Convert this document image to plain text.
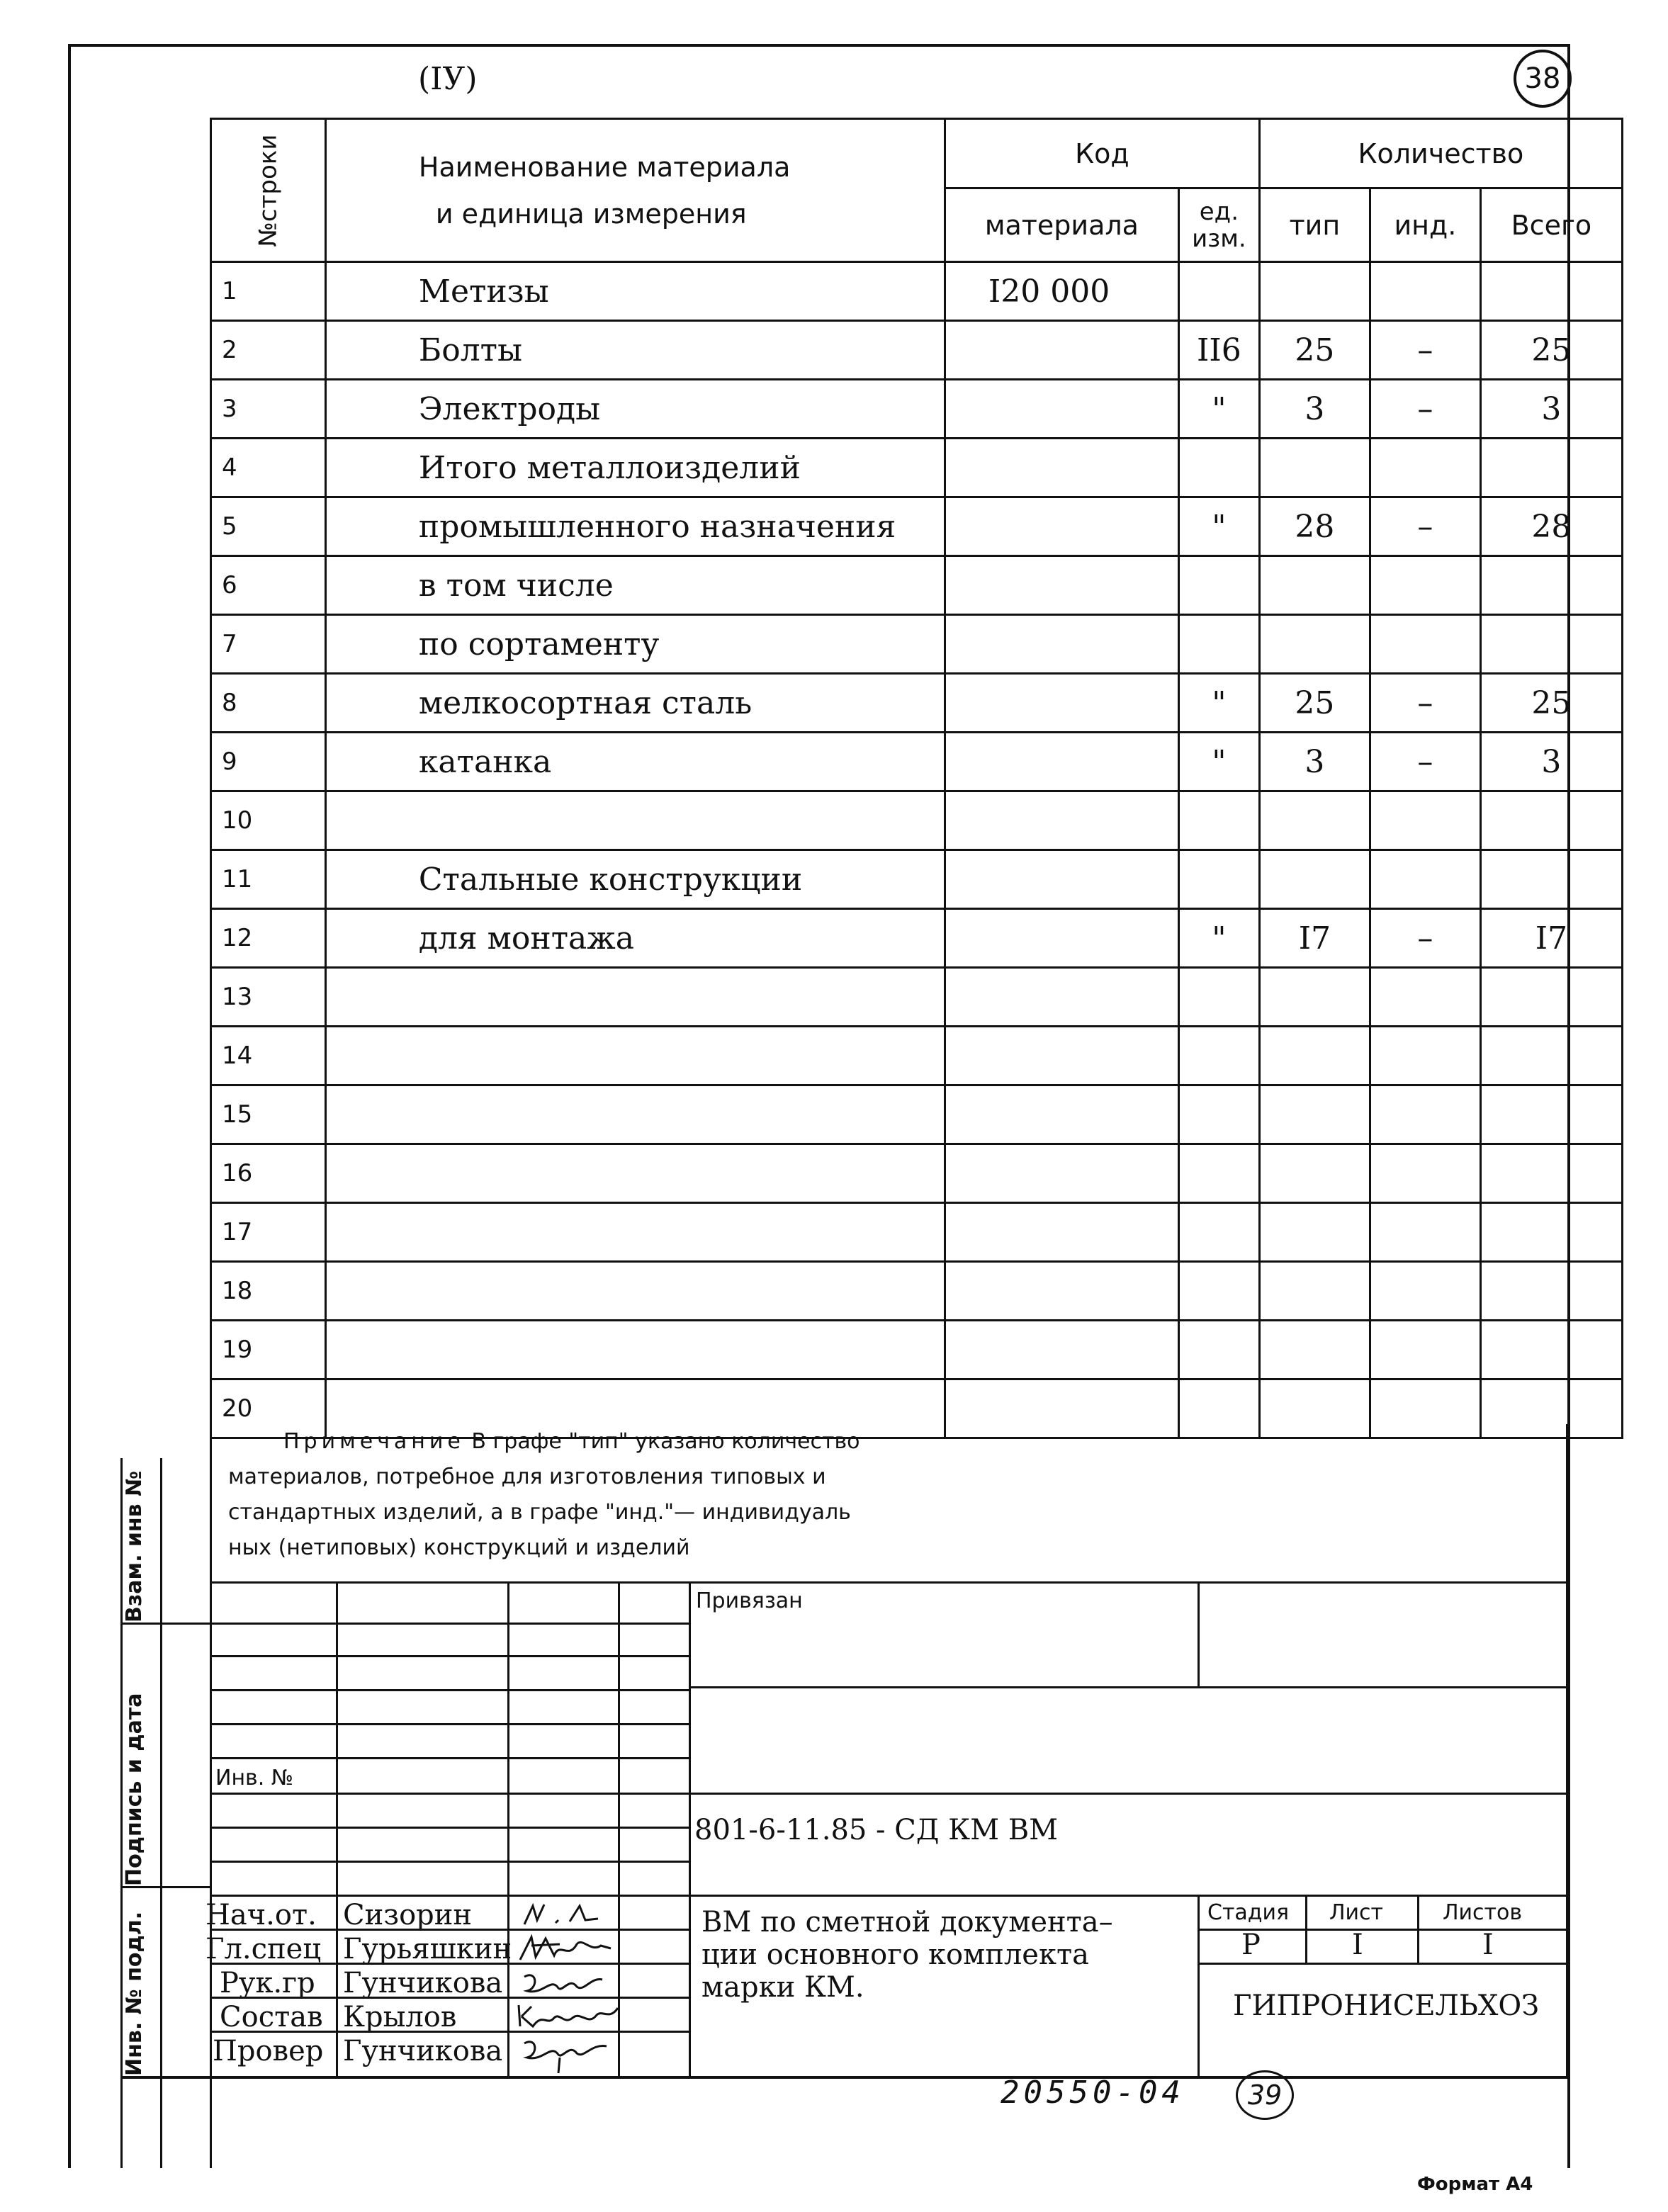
(IУ)	38
№строки	Наименование материала
и единица измерения	Код		Количество		
		материала	ед. изм.	тип	инд.	Всего
1	Метизы	I20 000				
2	Болты		II6	25	–	25
3	Электроды		"	3	–	3
4	Итого металлоизделий					
5	промышленного назначения		"	28	–	28
6	в том числе					
7	по сортаменту					
8	мелкосортная сталь		"	25	–	25
9	катанка		"	3	–	3
10						
11	Стальные конструкции					
12	для монтажа		"	I7	–	I7
13						
14						
15						
16						
17						
18						
19						
20						
Примечание В графе "тип" указано количество
материалов, потребное для изготовления типовых и
стандартных изделий, а в графе "инд."— индивидуаль
ных (нетиповых) конструкций и изделий
Взам. инв №
Подпись и дата
Инв. № подл.
Привязан
Инв. №
801-6-11.85 - СД КМ ВМ
ВМ по сметной документа–
ции основного комплекта
марки КМ.
Стадия Лист	Листов
Р	I	I
ГИПРОНИСЕЛЬХОЗ
Нач.от. Сизорин
Гл.спец Гурьяшкин
Рук.гр Гунчикова
Состав Крылов
Провер Гунчикова
20550-04	39
Формат А4
